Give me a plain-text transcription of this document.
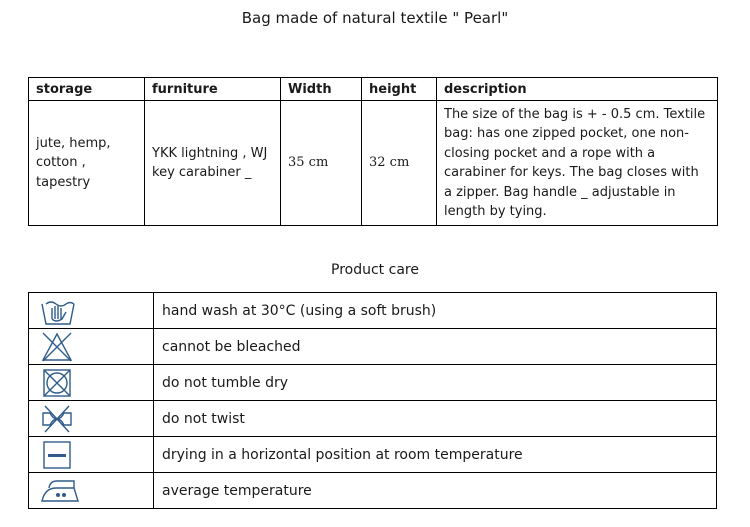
Bag made of natural textile " Pearl"
storage	furniture	Width	height	description
jute, hemp, cotton , tapestry	YKK lightning , WJ key carabiner _	35 cm	32 cm	The size of the bag is + - 0.5 cm. Textile bag: has one zipped pocket, one non-closing pocket and a rope with a carabiner for keys. The bag closes with a zipper. Bag handle _ adjustable in length by tying.
Product care
	hand wash at 30°C (using a soft brush)

	cannot be bleached

	do not tumble dry

	do not twist

	drying in a horizontal position at room temperature

	average temperature
